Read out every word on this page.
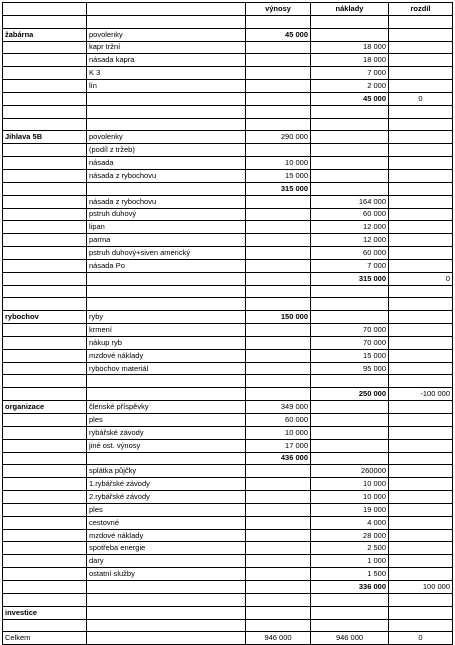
		výnosy	náklady	rozdíl

žabárna	povolenky	45 000		
	kapr tržní		18 000	
	násada kapra		18 000	
	K 3		7 000	
	lín		2 000	
			45 000	0

Jihlava 5B	povolenky	290 000		
	(podíl z tržeb)			
	násada	10 000		
	násada z rybochovu	15 000		
		315 000		
	násada z rybochovu		164 000	
	pstruh duhový		60 000	
	lipan		12 000	
	parma		12 000	
	pstruh duhový+siven americký		60 000	
	násada Po		7 000	
			315 000	0

rybochov	ryby	150 000		
	krmení		70 000	
	nákup ryb		70 000	
	mzdové náklady		15 000	
	rybochov materiál		95 000	

			250 000	-100 000
organizace	členské příspěvky	349 000		
	ples	60 000		
	rybářské závody	10 000		
	jiné ost. výnosy	17 000		
		436 000		
	splátka půjčky		260000	
	1.rybářské závody		10 000	
	2.rybářské závody		10 000	
	ples		19 000	
	cestovné		4 000	
	mzdové náklady		28 000	
	spotřeba energie		2 500	
	dary		1 000	
	ostatní služby		1 500	
			336 000	100 000

investice				

Celkem		946 000	946 000	0
